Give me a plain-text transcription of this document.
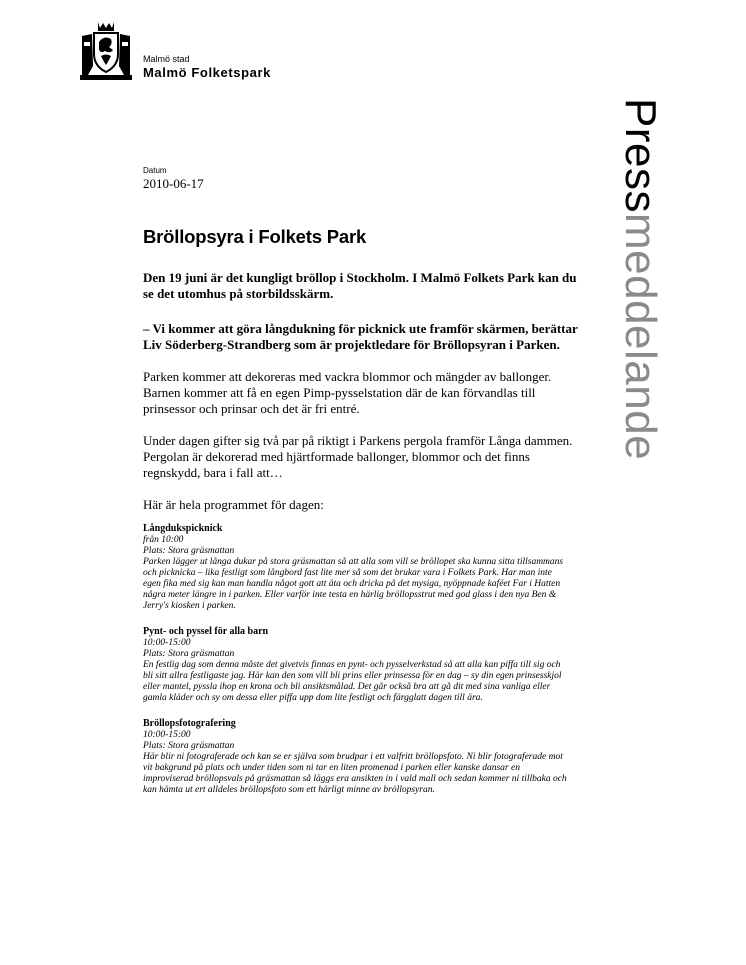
Malmö stad
Malmö Folketspark
Pressmeddelande
Datum
2010-06-17
Bröllopsyra i Folkets Park

Den 19 juni är det kungligt bröllop i Stockholm. I Malmö Folkets Park kan du se det utomhus på storbildsskärm.

– Vi kommer att göra långdukning för picknick ute framför skärmen, berättar Liv Söderberg-Strandberg som är projektledare för Bröllopsyran i Parken.

Parken kommer att dekoreras med vackra blommor och mängder av ballonger. Barnen kommer att få en egen Pimp-pysselstation där de kan förvandlas till prinsessor och prinsar och det är fri entré.

Under dagen gifter sig två par på riktigt i Parkens pergola framför Långa dammen. Pergolan är dekorerad med hjärtformade ballonger, blommor och det finns regnskydd, bara i fall att…

Här är hela programmet för dagen:

Långdukspicknick
från 10:00
Plats: Stora gräsmattan
Parken lägger ut långa dukar på stora gräsmattan så att alla som vill se bröllopet ska kunna sitta tillsammans
och picknicka – lika festligt som långbord fast lite mer så som det brukar vara i Folkets Park. Har man inte
egen fika med sig kan man handla något gott att äta och dricka på det mysiga, nyöppnade kaféet Far i Hatten
några meter längre in i parken. Eller varför inte testa en härlig bröllopsstrut med god glass i den nya Ben &
Jerry's kiosken i parken.
Pynt- och pyssel för alla barn
10:00-15:00
Plats: Stora gräsmattan
En festlig dag som denna måste det givetvis finnas en pynt- och pysselverkstad så att alla kan piffa till sig och
bli sitt allra festligaste jag. Här kan den som vill bli prins eller prinsessa för en dag – sy din egen prinsesskjol
eller mantel, pyssla ihop en krona och bli ansiktsmålad. Det går också bra att gå dit med sina vanliga eller
gamla kläder och sy om dessa eller piffa upp dom lite festligt och färgglatt dagen till ära.
Bröllopsfotografering
10:00-15:00
Plats: Stora gräsmattan
Här blir ni fotograferade och kan se er själva som brudpar i ett valfritt bröllopsfoto. Ni blir fotograferade mot
vit bakgrund på plats och under tiden som ni tar en liten promenad i parken eller kanske dansar en
improviserad bröllopsvals på gräsmattan så läggs era ansikten in i vald mall och sedan kommer ni tillbaka och
kan hämta ut ert alldeles bröllopsfoto som ett härligt minne av bröllopsyran.
